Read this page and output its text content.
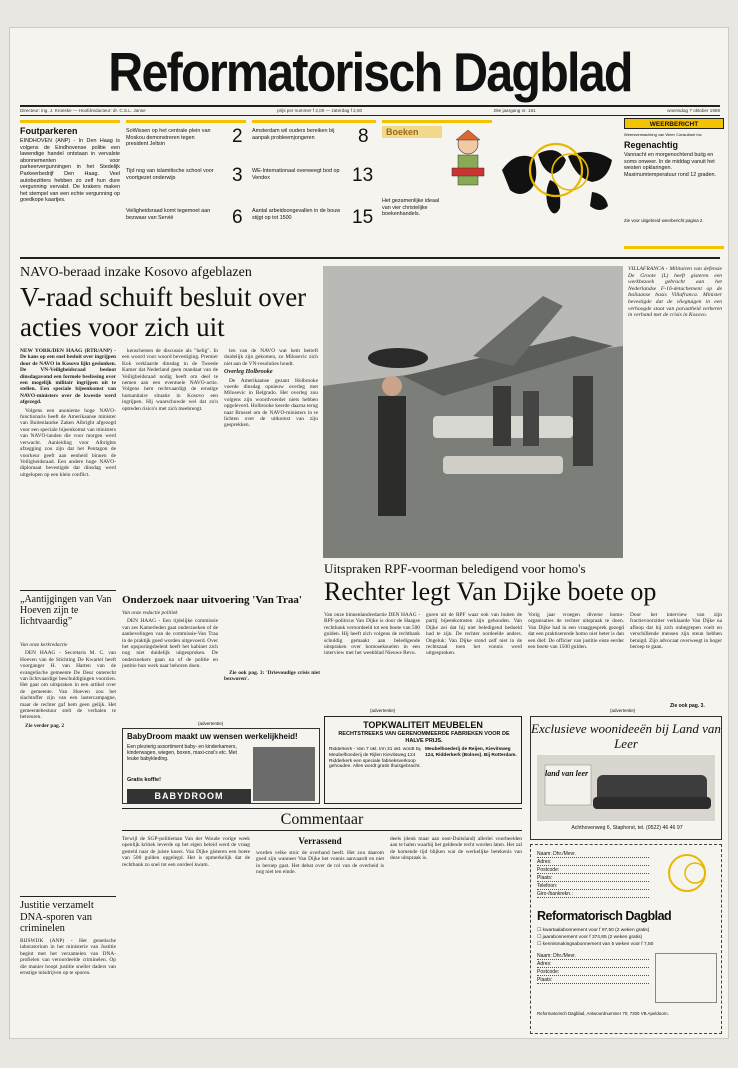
Reformatorisch Dagblad
Directeur: ing. J. Kroeske — Hoofdredacteur: dr. C.S.L. Janse	prijs per nummer f 2,00 — zaterdag f 2,50	28e jaargang nr. 161	woensdag 7 oktober 1998
Foutparkeren
EINDHOVEN (ANP) - In Den Haag is volgens de Eindhovense politie een lawendige handel ontstaan in vervalste abonnementen voor parkeervergunningen in het Stedelijk Parkeerbedrijf Den Haag. Veel autobezitters hebben zo zelf hun dure vergunning vervalst. De krakers maken het stempel van een echte vergunning op goedkope kaartjes.
SoWissen op het centrale plein van Moskou demonstreren tegen president Jeltsin	2
Tijd nog van islamitische school voor voortgezet onderwijs	3
Veiligheidsraad komt tegemoet aan bezwaar van Servië	6
Amsterdam wil ouders bereiken bij aanpak probleemjongeren	8
WE-Internationaal overweegt bod op Vendex	13
Aantal arbeidsongevallen in de bouw stijgt op tot 1500	15
Boeken
Het gezamenlijke ideaal van vier christelijke boekenhandels.
WEERBERICHT
Weersverwachting van Weer Consultant Inc
Regenachtig
Vannacht en morgenochtend buiig en soms onweer. In de middag vanuit het westen opklaringen. Maximumtemperatuur rond 12 graden.
Zie voor uitgebreid weerbericht pagina 2.
NAVO-beraad inzake Kosovo afgeblazen
V-raad schuift besluit over acties voor zich uit

NEW YORK/DEN HAAG (RTR/ANP) - De kans op een snel besluit over ingrijpen door de NAVO in Kosovo lijkt geslonken. De VN-Veiligheidsraad besloot dinsdagavond een formele beslissing over een mogelijk militair ingrijpen uit te stellen. Een speciale bijeenkomst van NAVO-ministers over de kwestie werd afgezegd.

Volgens een anonieme hoge NAVO-functionaris heeft de Amerikaanse minister van Buitenlandse Zaken Albright afgezegd voor een speciale bijeenkomst van ministers van NAVO-landen die voor morgen werd verwacht. Aanleiding voor Albrights afzegging zou zijn dat het Pentagon de voorkeur geeft aan eenheid binnen de Veiligheidsraad. Een andere hoge NAVO-diplomaat bevestigde dat dinsdag werd uitgelopen op een klein conflict.

kenschetsen de discussie als "helig". In een woord voor woord bevestiging. Premier Kok verklaarde dinsdag in de Tweede Kamer dat Nederland geen mandaat van de Veiligheidsraad nodig heeft om deel te nemen aan een eventuele NAVO-actie. Volgens hem rechtvaardigt de ernstige humanitaire situatie in Kosovo een ingrijpen. Hij waarschuwde wel dat zo'n optreden risico's met zich meebrengt.

len van de NAVO wat hem betreft duidelijk zijn gekomen, zo Milosevic zich niet aan de VN-resoluties houdt.

Overleg Holbrooke

De Amerikaanse gezant Holbrooke voerde dinsdag opnieuw overleg met Milosevic in Belgrado. Het overleg zou volgens zijn woordvoerder niets hebben opgeleverd. Holbrooke keerde daarna terug naar Brussel om de NAVO-ministers in te lichten over de uitkomst van zijn gesprekken.

VILLAFRANCA - Militairen van defensie De Groote (L) heeft gisteren een werkbezoek gebracht aan het Nederlandse F-16-detachement op de Italiaanse basis Villafranca. Minister bevestigde dat de vliegtuigen in een verhoogde staat van paraatheid verkeren in verband met de crisis in Kosovo.
Uitspraken RPF-voorman beledigend voor homo's
Rechter legt Van Dijke boete op
Van onze binnenlandredactie DEN HAAG - RPF-politicus Van Dijke is door de Haagse rechtbank veroordeeld tot een boete van 500 gulden. Hij heeft zich volgens de rechtbank schuldig gemaakt aan beledigende uitspraken over homoseksuelen in een interview met het weekblad Nieuwe Revu.
guren uit de RPF waar ook van buiten de partij bijeenkomsten zijn gehouden. Van Dijke zei dat hij niet beledigend bedoeld had te zijn. De rechter oordeelde anders. Ongeluk: Van Dijke stond zelf niet in de rechtszaal toen het vonnis werd uitgesproken.
Vorig jaar vroegen diverse homo-organisaties de rechter uitspraak te doen. Van Dijke had in een vraaggesprek gezegd dat een praktiserende homo niet beter is dan een dief. De officier van justitie eiste eerder een boete van 1500 gulden.
Door het interview van zijn fractievoorzitter verklaarde Van Dijke na afloop dat hij zich onbegrepen voelt en verschillende mensen zijn steun hebben betuigd. Zijn advocaat overweegt in hoger beroep te gaan.
Zie ook pag. 3.
„Aantijgingen van Van Hoeven zijn te lichtvaardig”

Van onze kerkredactie

DEN HAAG - Secretaris M. C. van Hoeven van de Stichting De Kwartel heeft voorganger H. van Harten van de evangelische gemeente De Deur onterecht van lichtvaardige beschuldigingen voorzien. Het gaat om uitspraken in een artikel over de gemeente. Van Hoeven zou het slachtoffer zijn van een lastercampagne, maar de rechter gaf hem geen gelijk. Het gemeentebestuur stelt de verhalen te betreuren.

Zie verder pag. 2

Justitie verzamelt DNA-sporen van criminelen
RIJSWIJK (ANP) - Het genetische laboratorium in het ministerie van Justitie begint met het verzamelen van DNA-profielen van veroordeelde criminelen. Op die manier hoopt justitie sneller daders van ernstige misdrijven op te sporen.
Onderzoek naar uitvoering 'Van Traa'

Van onze redactie politiek

DEN HAAG - Een tijdelijke commissie van zes Kamerleden gaat onderzoeken of de aanbevelingen van de commissie-Van Traa in de praktijk goed worden uitgevoerd. Over het opsporingsbeleid heeft het kabinet zich nog niet duidelijk uitgesproken. De onderzoekers gaan na of de politie en justitie hun werk naar behoren doen.

Zie ook pag. 3: 'Drievoudige crisis niet bezworen'.

(advertentie)
BabyDroom maakt uw wensen werkelijkheid!
Een plezierig assortiment baby- en kinderkamers, kinderwagen, wiegen, boxen, maxi-cosi's etc. Met leuke babykleding.
Gratis koffie!
BABYDROOM
(advertentie)
TOPKWALITEIT MEUBELEN
RECHTSTREEKS VAN GERENOMMEERDE FABRIEKEN VOOR DE HALVE PRIJS.
Ridderkerk - Van 7 okt. t/m 31 okt. wordt bij Meubelhoederij de Rijlen Kievitsweg 124 Ridderkerk een speciale fabrieksverkoop gehouden. Alles wordt gratis thuisgebracht.
Meubelhoederij de Reijen, Kievitsweg 124, Ridderkerk (Bolnes). Bij Rotterdam.
(advertentie)
Exclusieve woonideeën bij Land van Leer
land van leer
Achthovenweg 6, Staphorst, tel. (0522) 46 46 97
Commentaar
Terwijl de SGP-politieman Van der Woude vorige week openlijk kritiek leverde op het eigen beleid werd de vraag gesteld naar de juiste koers. Van Dijke gisteren een boete van 500 gulden opgelegd. Het is opmerkelijk dat de rechtbank zo snel tot een oordeel kwam.
Verrassend
worden velke stoic de overhand heeft. Het zou daarom goed zijn wanneer Van Dijke het vonnis aanvaardt en niet in beroep gaat. Het debat over de rol van de overheid is nog niet ten einde.
deels (denk maar aan oost-Duitsland) allerlei voorbeelden aan te halen waarbij het geldende recht worden laten. Het zal de komende tijd blijken wat de werkelijke betekenis van deze uitspraak is.
Naam: Dhr./Mevr.
Adres:
Postcode:
Plaats:
Telefoon:
Giro-/bankrekn.:
Reformatorisch Dagblad
☐ kwartaalabonnement voor f 97,50 (2 weken gratis)
☐ jaarabonnement voor f 374,85 (2 weken gratis)
☐ kennismakingsabonnement van 5 weken voor f 7,50
Naam: Dhr./Mevr.
Adres:
Postcode:
Plaats:
Reformatorisch Dagblad, Antwoordnummer 70, 7300 VB Apeldoorn.
